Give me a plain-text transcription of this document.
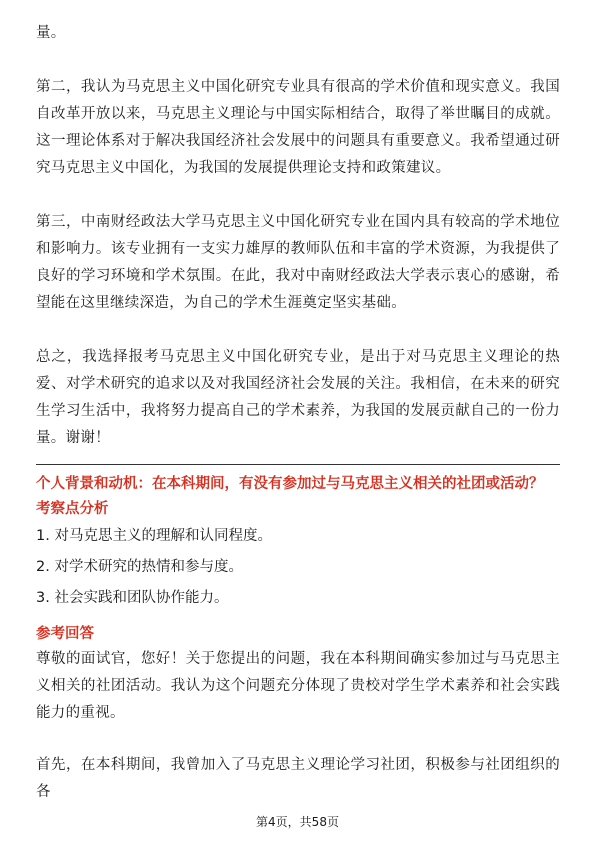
量。

第二，我认为马克思主义中国化研究专业具有很高的学术价值和现实意义。我国自改革开放以来，马克思主义理论与中国实际相结合，取得了举世瞩目的成就。这一理论体系对于解决我国经济社会发展中的问题具有重要意义。我希望通过研究马克思主义中国化，为我国的发展提供理论支持和政策建议。

第三，中南财经政法大学马克思主义中国化研究专业在国内具有较高的学术地位和影响力。该专业拥有一支实力雄厚的教师队伍和丰富的学术资源，为我提供了良好的学习环境和学术氛围。在此，我对中南财经政法大学表示衷心的感谢，希望能在这里继续深造，为自己的学术生涯奠定坚实基础。

总之，我选择报考马克思主义中国化研究专业，是出于对马克思主义理论的热爱、对学术研究的追求以及对我国经济社会发展的关注。我相信，在未来的研究生学习生活中，我将努力提高自己的学术素养，为我国的发展贡献自己的一份力量。谢谢！

个人背景和动机：在本科期间，有没有参加过与马克思主义相关的社团或活动？
考察点分析
1. 对马克思主义的理解和认同程度。
2. 对学术研究的热情和参与度。
3. 社会实践和团队协作能力。
参考回答

尊敬的面试官，您好！关于您提出的问题，我在本科期间确实参加过与马克思主义相关的社团活动。我认为这个问题充分体现了贵校对学生学术素养和社会实践能力的重视。

首先，在本科期间，我曾加入了马克思主义理论学习社团，积极参与社团组织的各

第4页，共58页
